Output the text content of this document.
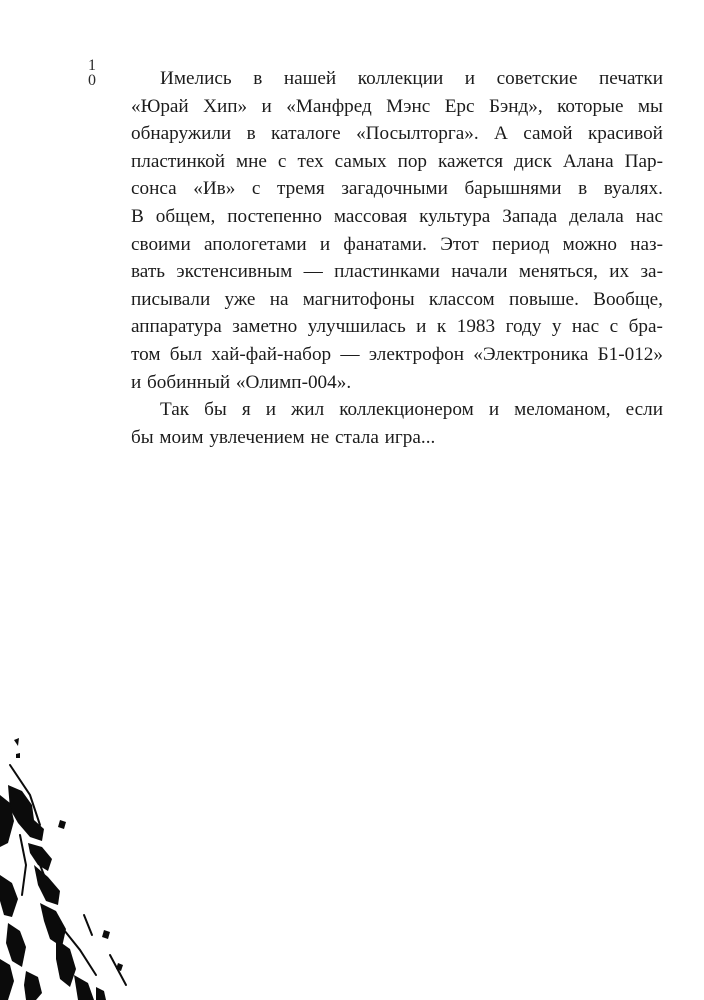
1
0	Имелись в нашей коллекции и советские печатки
«Юрай Хип» и «Манфред Мэнс Ерс Бэнд», которые мы
обнаружили в каталоге «Посылторга». А самой красивой
пластинкой мне с тех самых пор кажется диск Алана Пар-
сонса «Ив» с тремя загадочными барышнями в вуалях.
В общем, постепенно массовая культура Запада делала нас
своими апологетами и фанатами. Этот период можно наз-
вать экстенсивным — пластинками начали меняться, их за-
писывали уже на магнитофоны классом повыше. Вообще,
аппаратура заметно улучшилась и к 1983 году у нас с бра-
том был хай-фай-набор — электрофон «Электроника Б1-012»
и бобинный «Олимп-004».
Так бы я и жил коллекционером и меломаном, если
бы моим увлечением не стала игра...
